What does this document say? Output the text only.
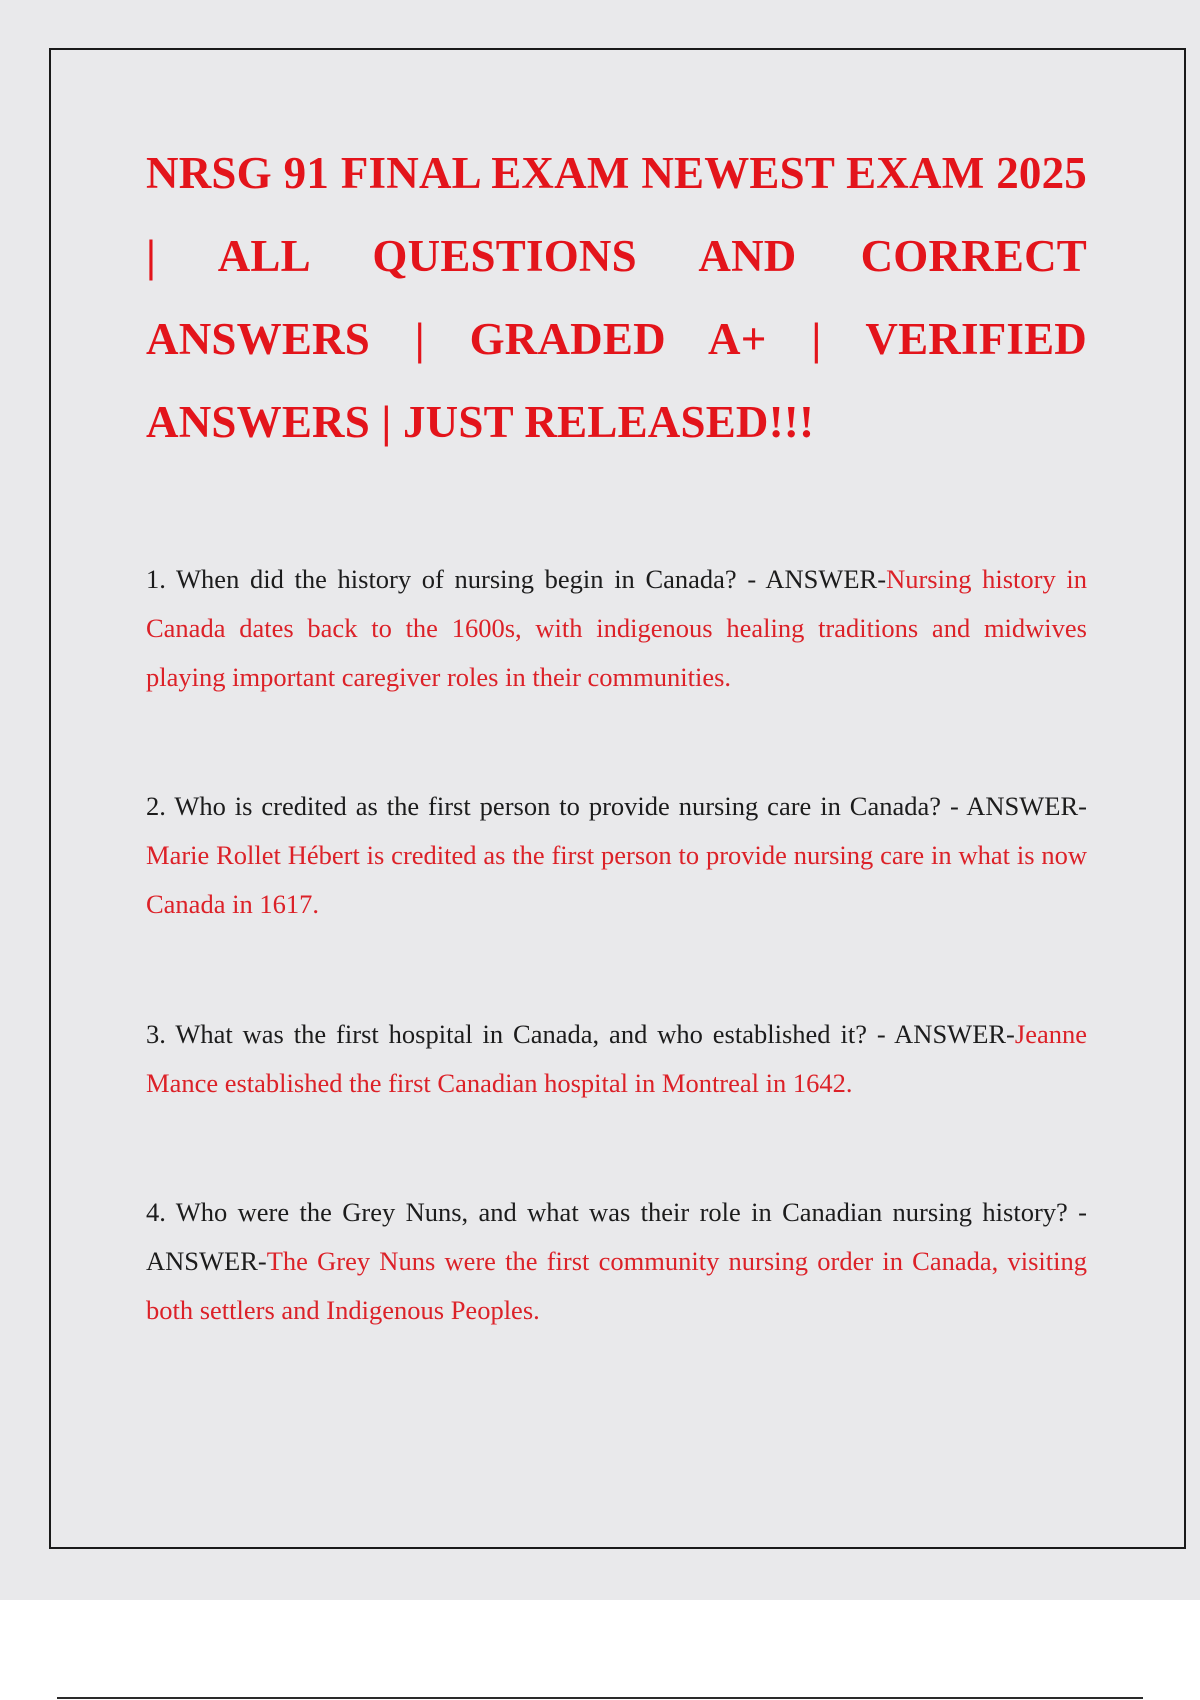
NRSG 91 FINAL EXAM NEWEST EXAM 2025 | ALL QUESTIONS AND CORRECT ANSWERS | GRADED A+ | VERIFIED ANSWERS | JUST RELEASED!!!

1. When did the history of nursing begin in Canada? - ANSWER-Nursing history in Canada dates back to the 1600s, with indigenous healing traditions and midwives playing important caregiver roles in their communities.

2. Who is credited as the first person to provide nursing care in Canada? - ANSWER-Marie Rollet Hébert is credited as the first person to provide nursing care in what is now Canada in 1617.

3. What was the first hospital in Canada, and who established it? - ANSWER-Jeanne Mance established the first Canadian hospital in Montreal in 1642.

4. Who were the Grey Nuns, and what was their role in Canadian nursing history? - ANSWER-The Grey Nuns were the first community nursing order in Canada, visiting both settlers and Indigenous Peoples.
